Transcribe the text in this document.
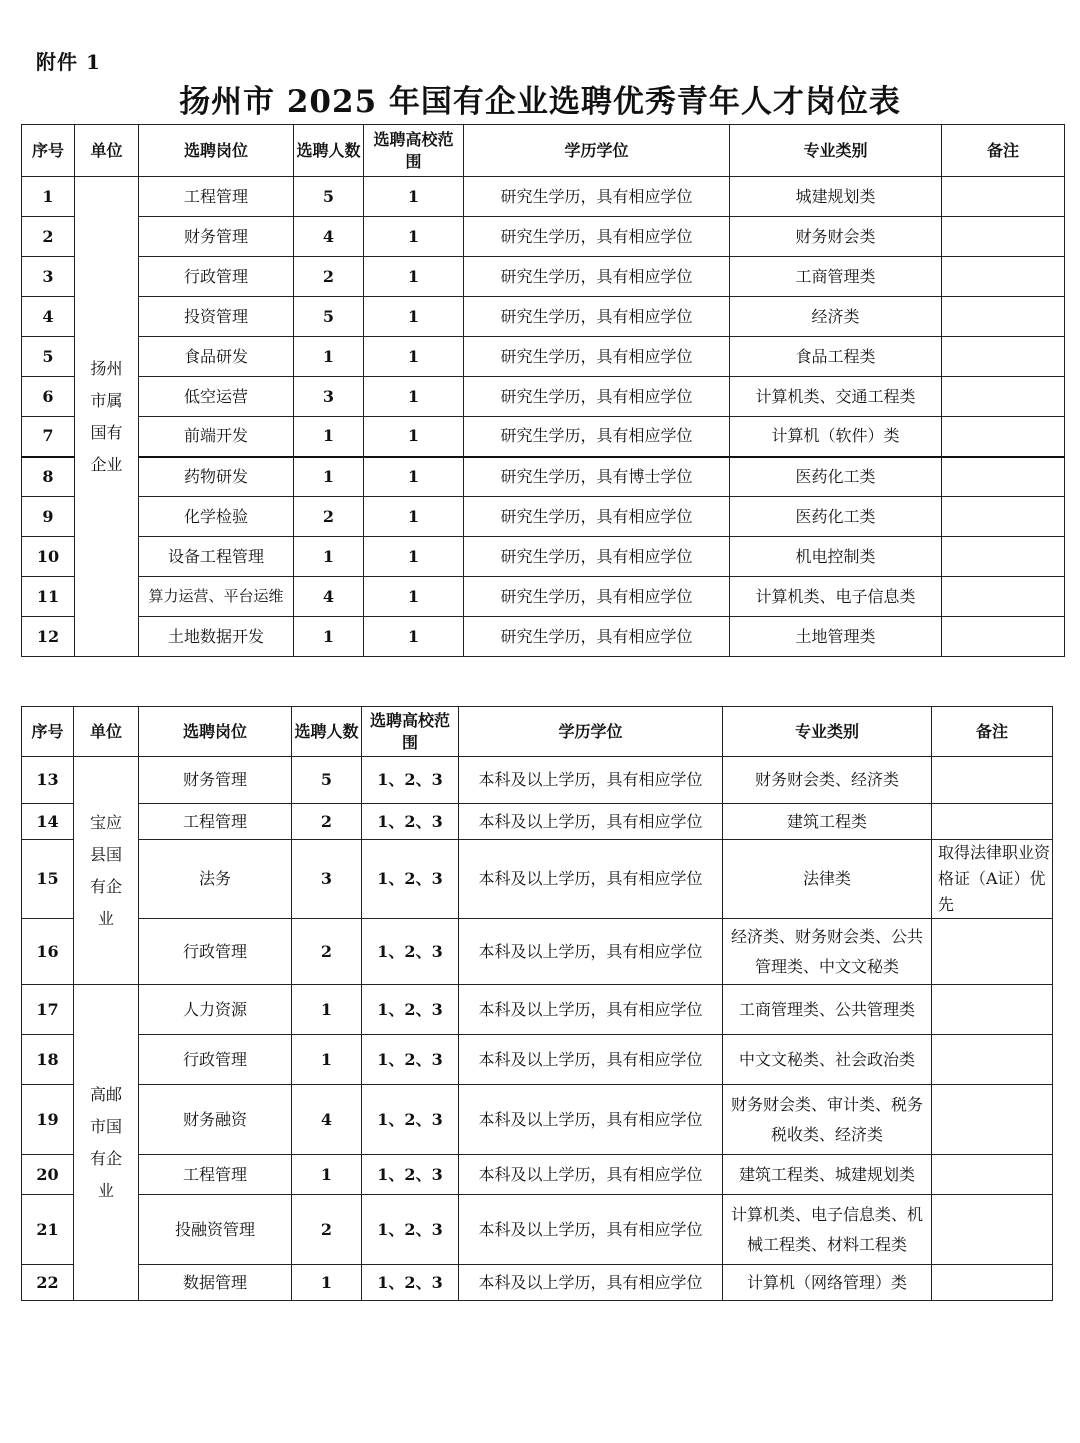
附件 1
扬州市 2025 年国有企业选聘优秀青年人才岗位表
序号	单位	选聘岗位	选聘人数	选聘高校范围	学历学位	专业类别	备注
1	扬州市属国有企业	工程管理	5	1	研究生学历，具有相应学位	城建规划类	
2		财务管理	4	1	研究生学历，具有相应学位	财务财会类	
3		行政管理	2	1	研究生学历，具有相应学位	工商管理类	
4		投资管理	5	1	研究生学历，具有相应学位	经济类	
5		食品研发	1	1	研究生学历，具有相应学位	食品工程类	
6		低空运营	3	1	研究生学历，具有相应学位	计算机类、交通工程类	
7		前端开发	1	1	研究生学历，具有相应学位	计算机（软件）类	
8		药物研发	1	1	研究生学历，具有博士学位	医药化工类	
9		化学检验	2	1	研究生学历，具有相应学位	医药化工类	
10		设备工程管理	1	1	研究生学历，具有相应学位	机电控制类	
11		算力运营、平台运维	4	1	研究生学历，具有相应学位	计算机类、电子信息类	
12		土地数据开发	1	1	研究生学历，具有相应学位	土地管理类	
序号	单位	选聘岗位	选聘人数	选聘高校范围	学历学位	专业类别	备注
13	宝应县国有企业	财务管理	5	1、2、3	本科及以上学历，具有相应学位	财务财会类、经济类	
14		工程管理	2	1、2、3	本科及以上学历，具有相应学位	建筑工程类	
15		法务	3	1、2、3	本科及以上学历，具有相应学位	法律类	取得法律职业资格证（A证）优先
16		行政管理	2	1、2、3	本科及以上学历，具有相应学位	经济类、财务财会类、公共管理类、中文文秘类	
17	高邮市国有企业	人力资源	1	1、2、3	本科及以上学历，具有相应学位	工商管理类、公共管理类	
18		行政管理	1	1、2、3	本科及以上学历，具有相应学位	中文文秘类、社会政治类	
19		财务融资	4	1、2、3	本科及以上学历，具有相应学位	财务财会类、审计类、税务税收类、经济类	
20		工程管理	1	1、2、3	本科及以上学历，具有相应学位	建筑工程类、城建规划类	
21		投融资管理	2	1、2、3	本科及以上学历，具有相应学位	计算机类、电子信息类、机械工程类、材料工程类	
22		数据管理	1	1、2、3	本科及以上学历，具有相应学位	计算机（网络管理）类	
